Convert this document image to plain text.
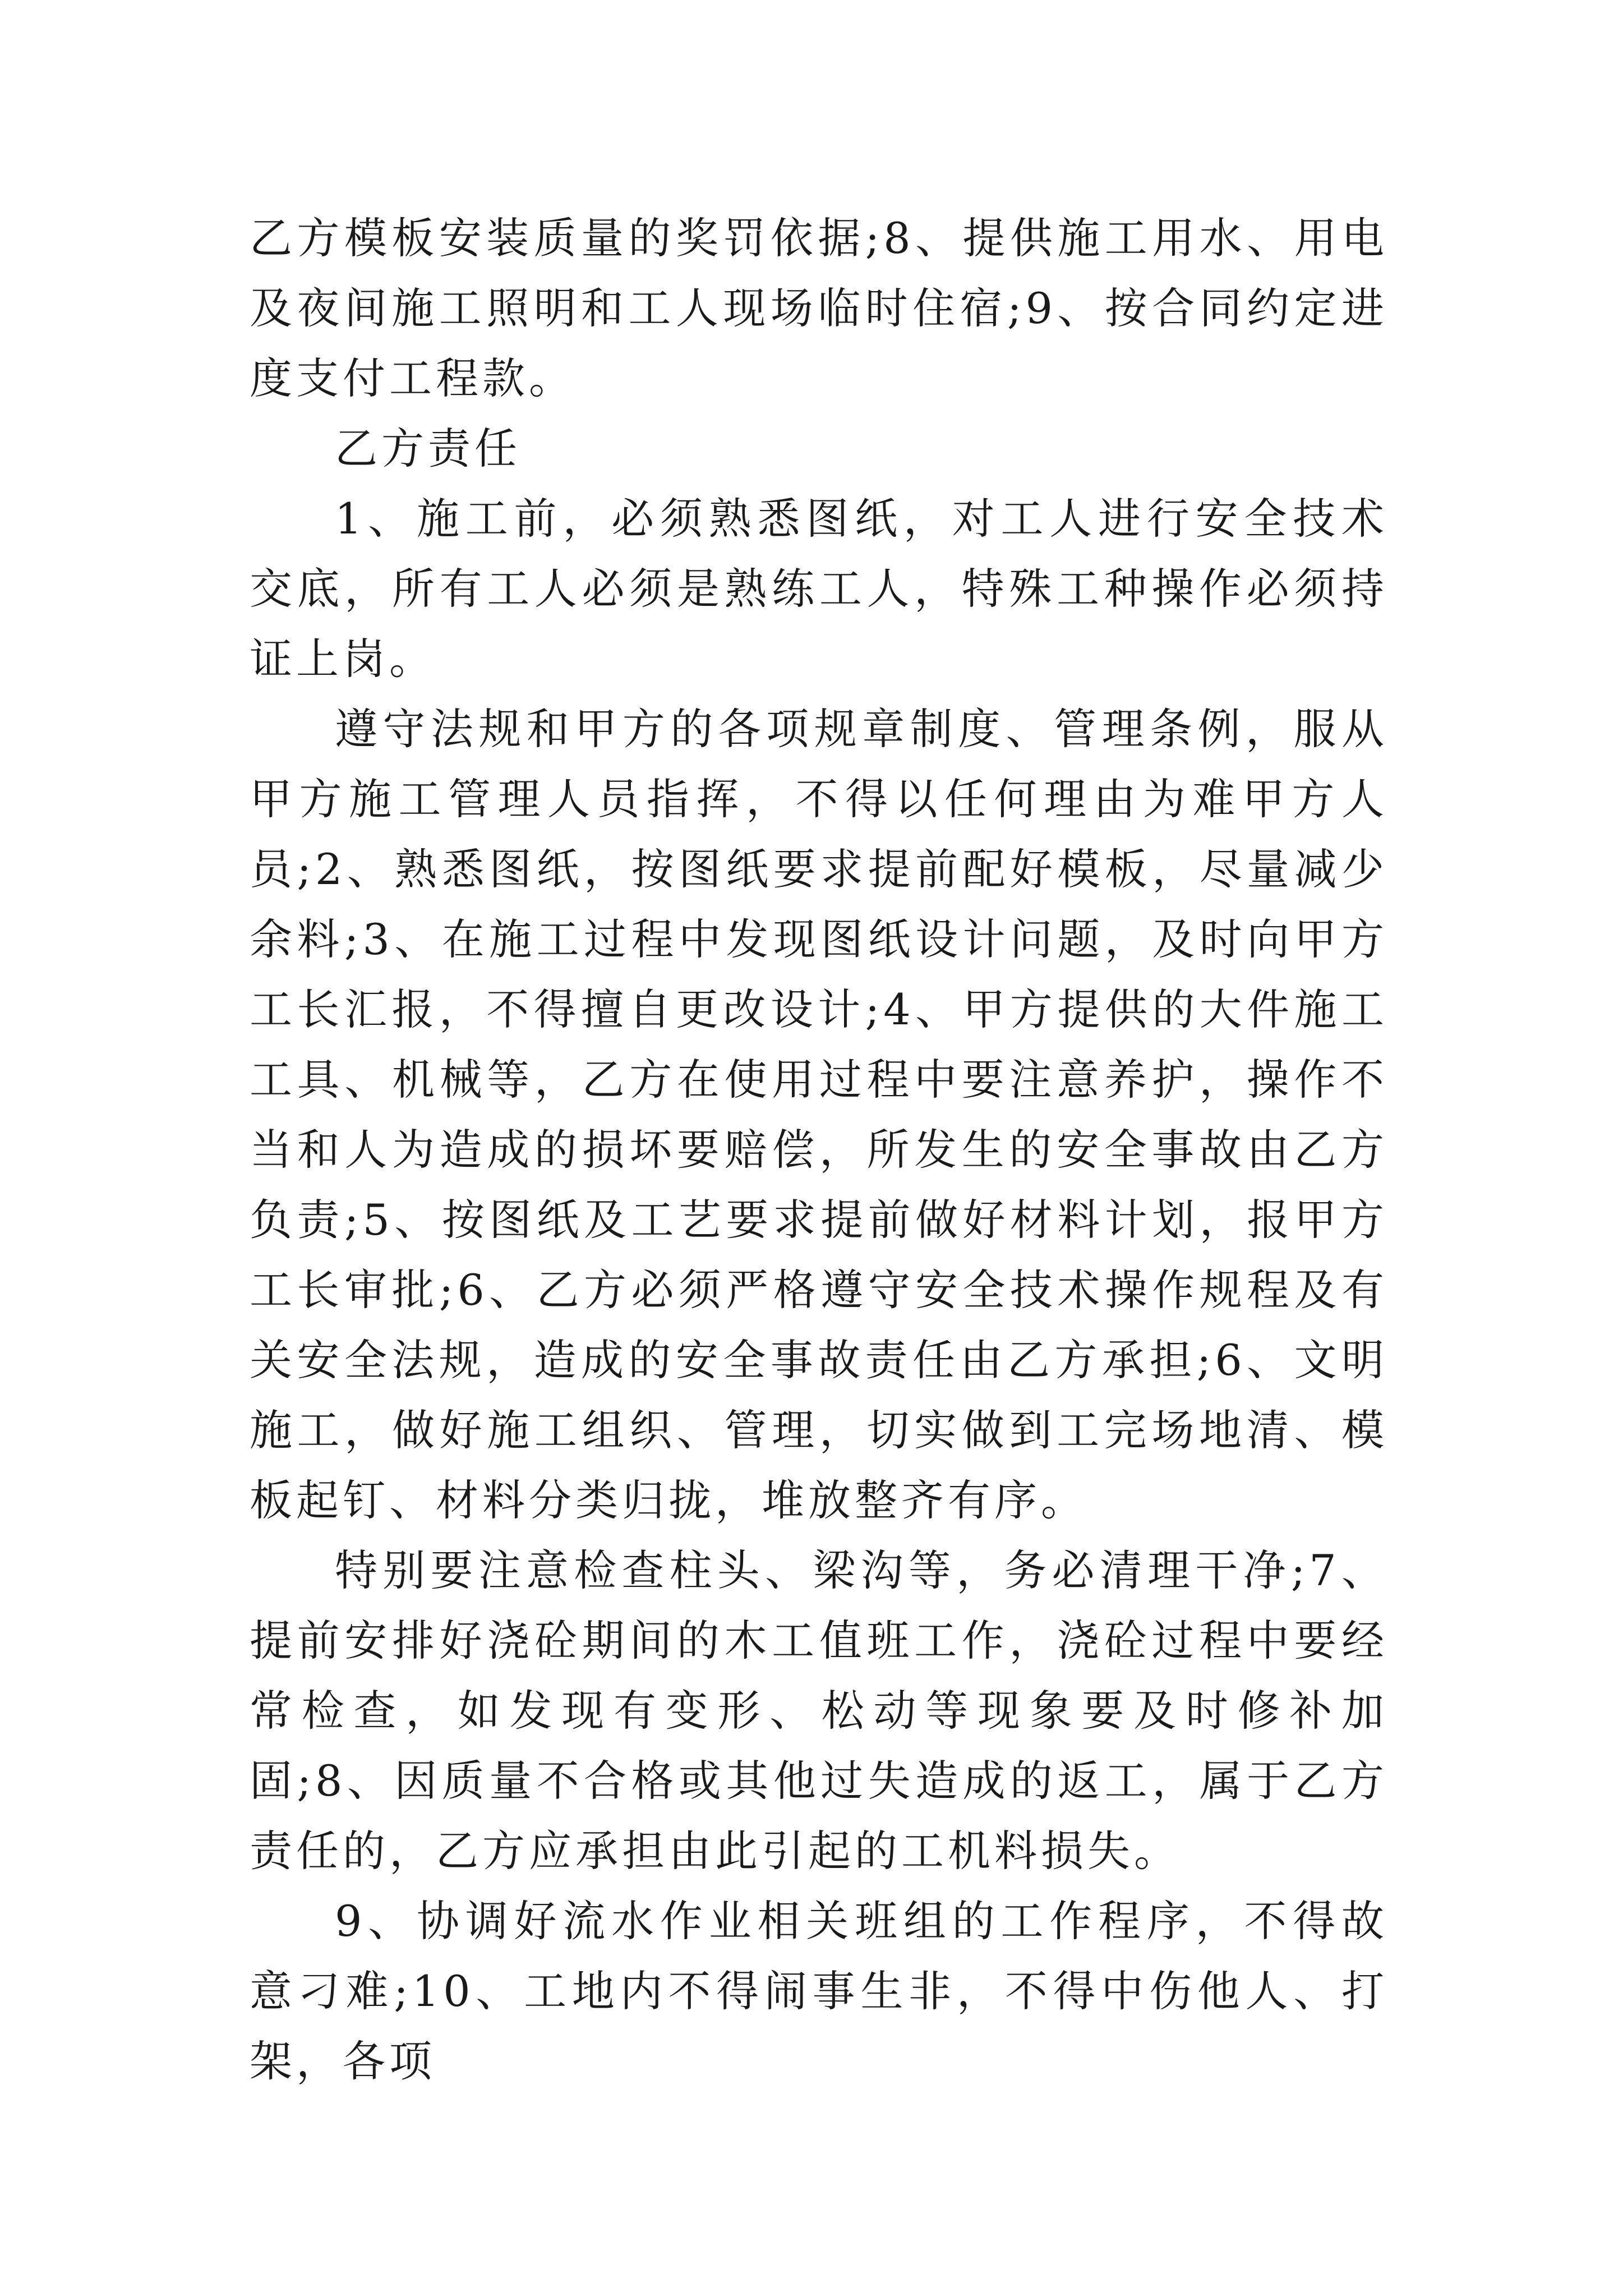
乙方模板安装质量的奖罚依据;8、提供施工用水、用电及夜间施工照明和工人现场临时住宿;9、按合同约定进度支付工程款。

乙方责任

1、施工前，必须熟悉图纸，对工人进行安全技术交底，所有工人必须是熟练工人，特殊工种操作必须持证上岗。

遵守法规和甲方的各项规章制度、管理条例，服从甲方施工管理人员指挥，不得以任何理由为难甲方人员;2、熟悉图纸，按图纸要求提前配好模板，尽量减少余料;3、在施工过程中发现图纸设计问题，及时向甲方工长汇报，不得擅自更改设计;4、甲方提供的大件施工工具、机械等，乙方在使用过程中要注意养护，操作不当和人为造成的损坏要赔偿，所发生的安全事故由乙方负责;5、按图纸及工艺要求提前做好材料计划，报甲方工长审批;6、乙方必须严格遵守安全技术操作规程及有关安全法规，造成的安全事故责任由乙方承担;6、文明施工，做好施工组织、管理，切实做到工完场地清、模板起钉、材料分类归拢，堆放整齐有序。

特别要注意检查柱头、梁沟等，务必清理干净;7、提前安排好浇砼期间的木工值班工作，浇砼过程中要经常检查，如发现有变形、松动等现象要及时修补加固;8、因质量不合格或其他过失造成的返工，属于乙方责任的，乙方应承担由此引起的工机料损失。

9、协调好流水作业相关班组的工作程序，不得故意刁难;10、工地内不得闹事生非，不得中伤他人、打架，各项
